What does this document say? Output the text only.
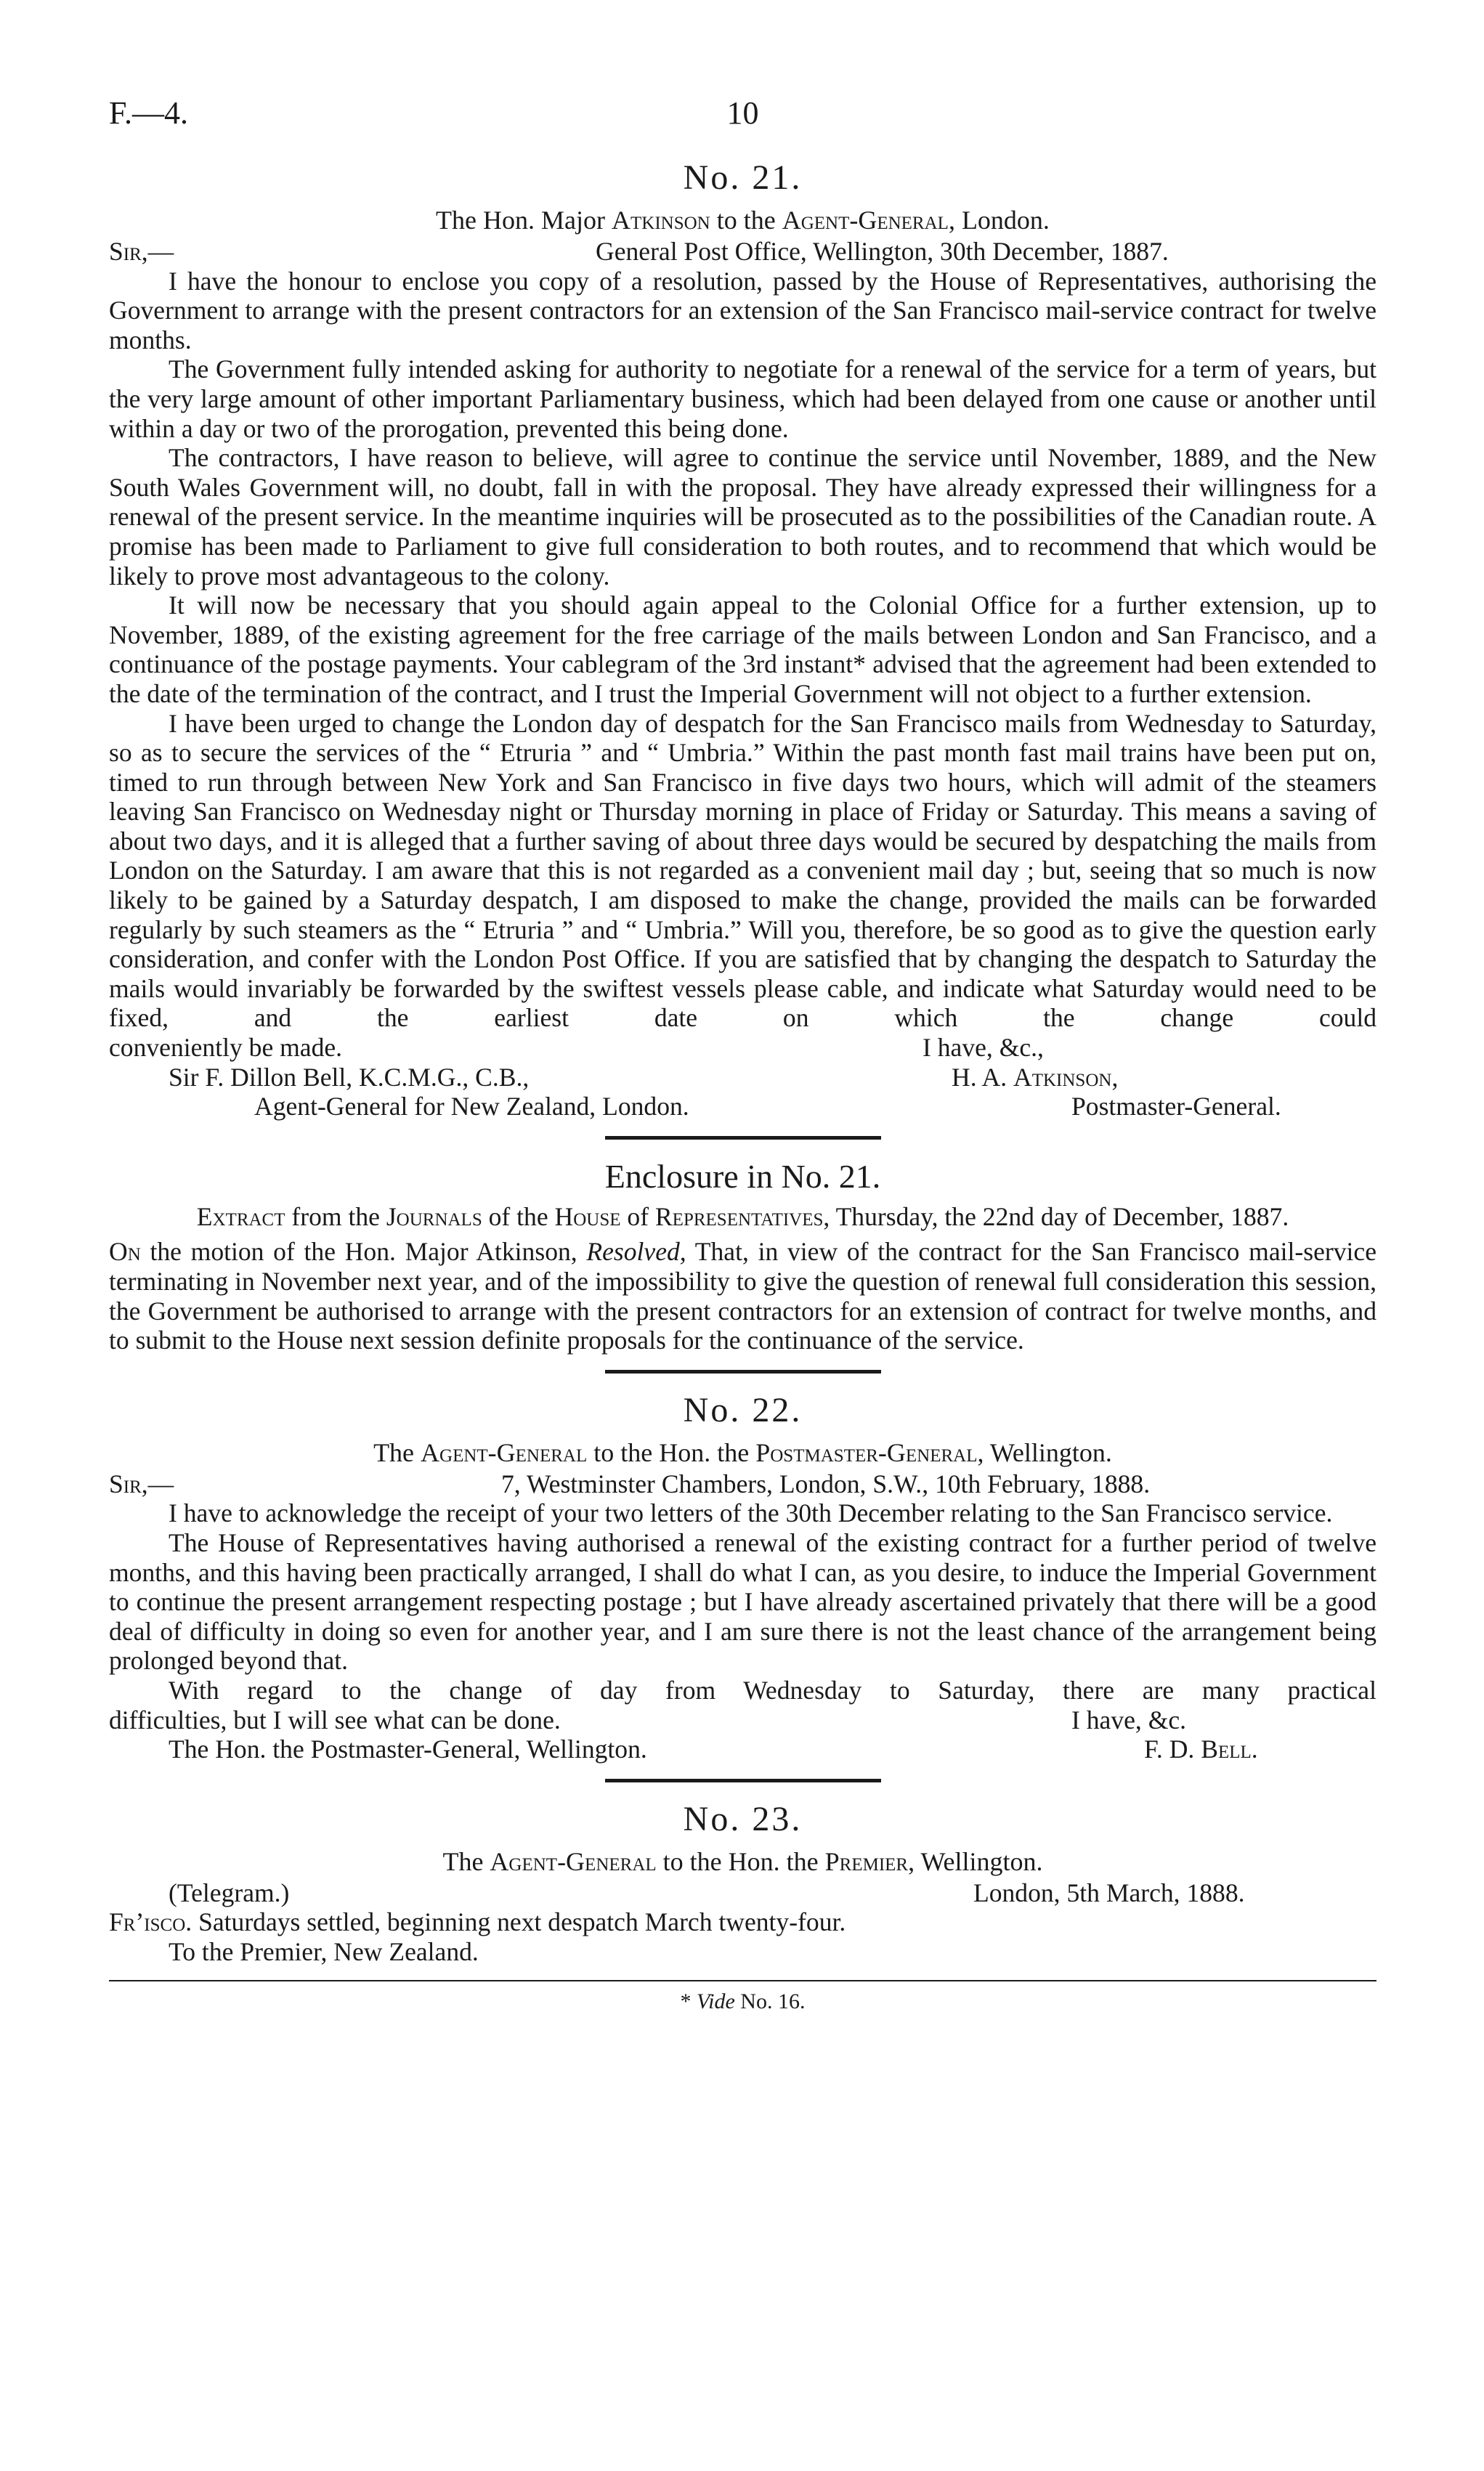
F.—4.	10

No. 21.

The Hon. Major Atkinson to the Agent-General, London.

Sir,—	General Post Office, Wellington, 30th December, 1887.

I have the honour to enclose you copy of a resolution, passed by the House of Representatives, authorising the Government to arrange with the present contractors for an extension of the San Francisco mail-service contract for twelve months.

The Government fully intended asking for authority to negotiate for a renewal of the service for a term of years, but the very large amount of other important Parliamentary business, which had been delayed from one cause or another until within a day or two of the prorogation, prevented this being done.

The contractors, I have reason to believe, will agree to continue the service until November, 1889, and the New South Wales Government will, no doubt, fall in with the proposal. They have already expressed their willingness for a renewal of the present service. In the meantime inquiries will be prosecuted as to the possibilities of the Canadian route. A promise has been made to Parliament to give full consideration to both routes, and to recommend that which would be likely to prove most advantageous to the colony.

It will now be necessary that you should again appeal to the Colonial Office for a further extension, up to November, 1889, of the existing agreement for the free carriage of the mails between London and San Francisco, and a continuance of the postage payments. Your cablegram of the 3rd instant* advised that the agreement had been extended to the date of the termination of the contract, and I trust the Imperial Government will not object to a further extension.

I have been urged to change the London day of despatch for the San Francisco mails from Wednesday to Saturday, so as to secure the services of the “ Etruria ” and “ Umbria.” Within the past month fast mail trains have been put on, timed to run through between New York and San Francisco in five days two hours, which will admit of the steamers leaving San Francisco on Wednesday night or Thursday morning in place of Friday or Saturday. This means a saving of about two days, and it is alleged that a further saving of about three days would be secured by despatching the mails from London on the Saturday. I am aware that this is not regarded as a convenient mail day ; but, seeing that so much is now likely to be gained by a Saturday despatch, I am disposed to make the change, provided the mails can be forwarded regularly by such steamers as the “ Etruria ” and “ Umbria.” Will you, therefore, be so good as to give the question early consideration, and confer with the London Post Office. If you are satisfied that by changing the despatch to Saturday the mails would invariably be forwarded by the swiftest vessels please cable, and indicate what Saturday would need to be fixed, and the earliest date on which the change could

conveniently be made.	I have, &c.,
Sir F. Dillon Bell, K.C.M.G., C.B.,	H. A. Atkinson,
Agent-General for New Zealand, London.	Postmaster-General.

Enclosure in No. 21.

Extract from the Journals of the House of Representatives, Thursday, the 22nd day of December, 1887.

On the motion of the Hon. Major Atkinson, Resolved, That, in view of the contract for the San Francisco mail-service terminating in November next year, and of the impossibility to give the question of renewal full consideration this session, the Government be authorised to arrange with the present contractors for an extension of contract for twelve months, and to submit to the House next session definite proposals for the continuance of the service.

No. 22.

The Agent-General to the Hon. the Postmaster-General, Wellington.

Sir,—	7, Westminster Chambers, London, S.W., 10th February, 1888.

I have to acknowledge the receipt of your two letters of the 30th December relating to the San Francisco service.

The House of Representatives having authorised a renewal of the existing contract for a further period of twelve months, and this having been practically arranged, I shall do what I can, as you desire, to induce the Imperial Government to continue the present arrangement respecting postage ; but I have already ascertained privately that there will be a good deal of difficulty in doing so even for another year, and I am sure there is not the least chance of the arrangement being prolonged beyond that.

With regard to the change of day from Wednesday to Saturday, there are many practical

difficulties, but I will see what can be done.	I have, &c.
The Hon. the Postmaster-General, Wellington.	F. D. Bell.

No. 23.

The Agent-General to the Hon. the Premier, Wellington.

(Telegram.)	London, 5th March, 1888.
Fr’isco. Saturdays settled, beginning next despatch March twenty-four.
To the Premier, New Zealand.
* Vide No. 16.
